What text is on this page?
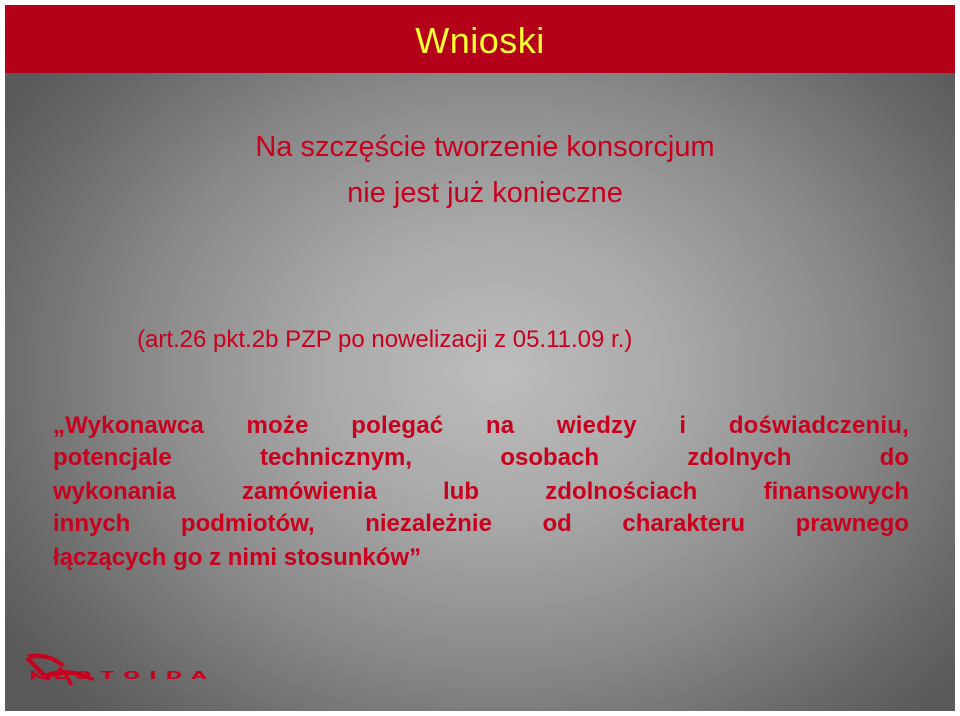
Wnioski
Na szczęście tworzenie konsorcjum
nie jest już konieczne
(art.26 pkt.2b PZP po nowelizacji z 05.11.09 r.)
„Wykonawca może polegać na wiedzy i doświadczeniu,
potencjale technicznym, osobach zdolnych do
wykonania zamówienia lub zdolnościach finansowych
innych podmiotów, niezależnie od charakteru prawnego
łączących go z nimi stosunków”
KLOTOIDA
